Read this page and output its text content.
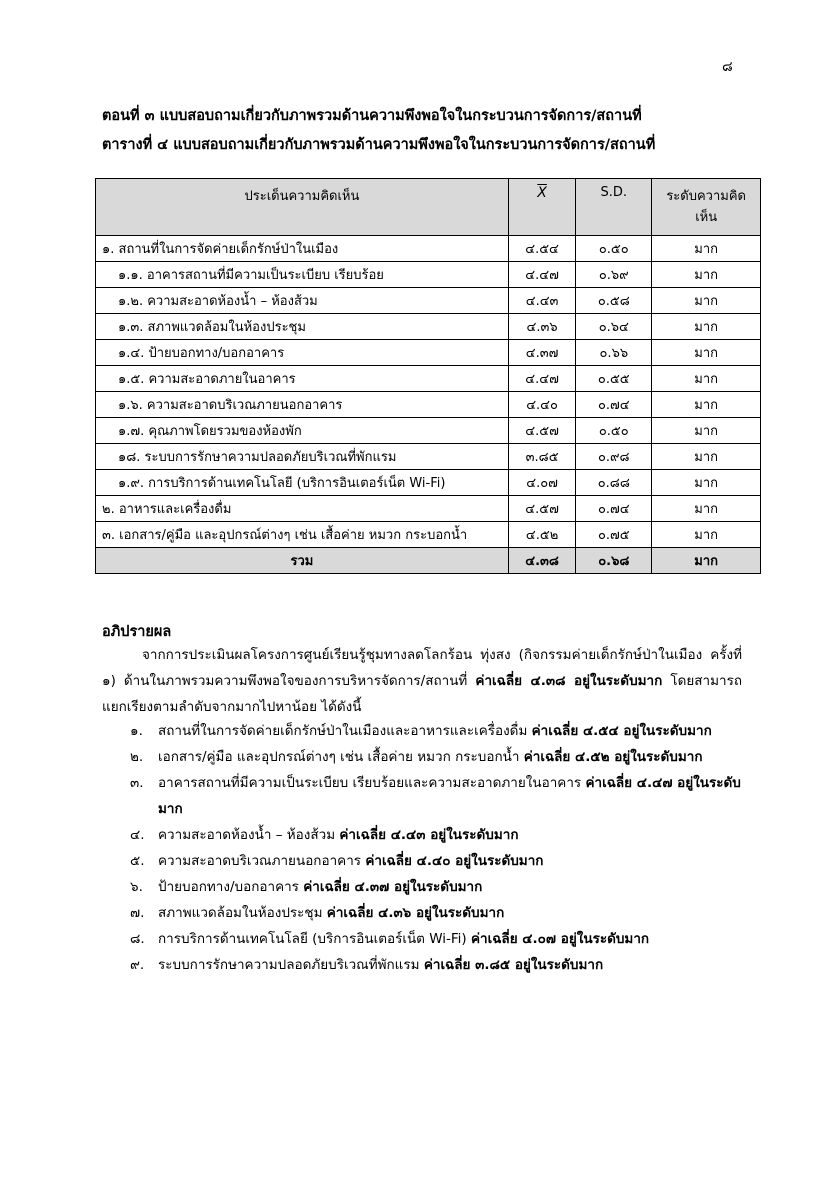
๘
ตอนที่ ๓ แบบสอบถามเกี่ยวกับภาพรวมด้านความพึงพอใจในกระบวนการจัดการ/สถานที่
ตารางที่ ๔ แบบสอบถามเกี่ยวกับภาพรวมด้านความพึงพอใจในกระบวนการจัดการ/สถานที่
ประเด็นความคิดเห็น	$\overline{X}$	S.D.	ระดับความคิดเห็น
๑. สถานที่ในการจัดค่ายเด็กรักษ์ป่าในเมือง	๔.๕๔	๐.๕๐	มาก
๑.๑. อาคารสถานที่มีความเป็นระเบียบ เรียบร้อย	๔.๔๗	๐.๖๙	มาก
๑.๒. ความสะอาดห้องน้ำ – ห้องส้วม	๔.๔๓	๐.๕๘	มาก
๑.๓. สภาพแวดล้อมในห้องประชุม	๔.๓๖	๐.๖๔	มาก
๑.๔. ป้ายบอกทาง/บอกอาคาร	๔.๓๗	๐.๖๖	มาก
๑.๕. ความสะอาดภายในอาคาร	๔.๔๗	๐.๕๕	มาก
๑.๖. ความสะอาดบริเวณภายนอกอาคาร	๔.๔๐	๐.๗๔	มาก
๑.๗. คุณภาพโดยรวมของห้องพัก	๔.๕๗	๐.๕๐	มาก
๑๘. ระบบการรักษาความปลอดภัยบริเวณที่พักแรม	๓.๘๕	๐.๙๘	มาก
๑.๙. การบริการด้านเทคโนโลยี (บริการอินเตอร์เน็ต Wi-Fi)	๔.๐๗	๐.๘๘	มาก
๒. อาหารและเครื่องดื่ม	๔.๕๗	๐.๗๔	มาก
๓. เอกสาร/คู่มือ และอุปกรณ์ต่างๆ เช่น เสื้อค่าย หมวก กระบอกน้ำ	๔.๕๒	๐.๗๕	มาก
รวม	๔.๓๘	๐.๖๘	มาก
อภิปรายผล
จากการประเมินผลโครงการศูนย์เรียนรู้ชุมทางลดโลกร้อน ทุ่งสง (กิจกรรมค่ายเด็กรักษ์ป่าในเมือง ครั้งที่ ๑) ด้านในภาพรวมความพึงพอใจของการบริหารจัดการ/สถานที่ ค่าเฉลี่ย ๔.๓๘ อยู่ในระดับมาก โดยสามารถแยกเรียงตามลำดับจากมากไปหาน้อย ได้ดังนี้
๑. สถานที่ในการจัดค่ายเด็กรักษ์ป่าในเมืองและอาหารและเครื่องดื่ม ค่าเฉลี่ย ๔.๕๔ อยู่ในระดับมาก
๒. เอกสาร/คู่มือ และอุปกรณ์ต่างๆ เช่น เสื้อค่าย หมวก กระบอกน้ำ ค่าเฉลี่ย ๔.๕๒ อยู่ในระดับมาก
๓. อาคารสถานที่มีความเป็นระเบียบ เรียบร้อยและความสะอาดภายในอาคาร ค่าเฉลี่ย ๔.๔๗ อยู่ในระดับมาก
๔. ความสะอาดห้องน้ำ – ห้องส้วม ค่าเฉลี่ย ๔.๔๓ อยู่ในระดับมาก
๕. ความสะอาดบริเวณภายนอกอาคาร ค่าเฉลี่ย ๔.๔๐ อยู่ในระดับมาก
๖. ป้ายบอกทาง/บอกอาคาร ค่าเฉลี่ย ๔.๓๗ อยู่ในระดับมาก
๗. สภาพแวดล้อมในห้องประชุม ค่าเฉลี่ย ๔.๓๖ อยู่ในระดับมาก
๘. การบริการด้านเทคโนโลยี (บริการอินเตอร์เน็ต Wi-Fi) ค่าเฉลี่ย ๔.๐๗ อยู่ในระดับมาก
๙. ระบบการรักษาความปลอดภัยบริเวณที่พักแรม ค่าเฉลี่ย ๓.๘๕ อยู่ในระดับมาก
